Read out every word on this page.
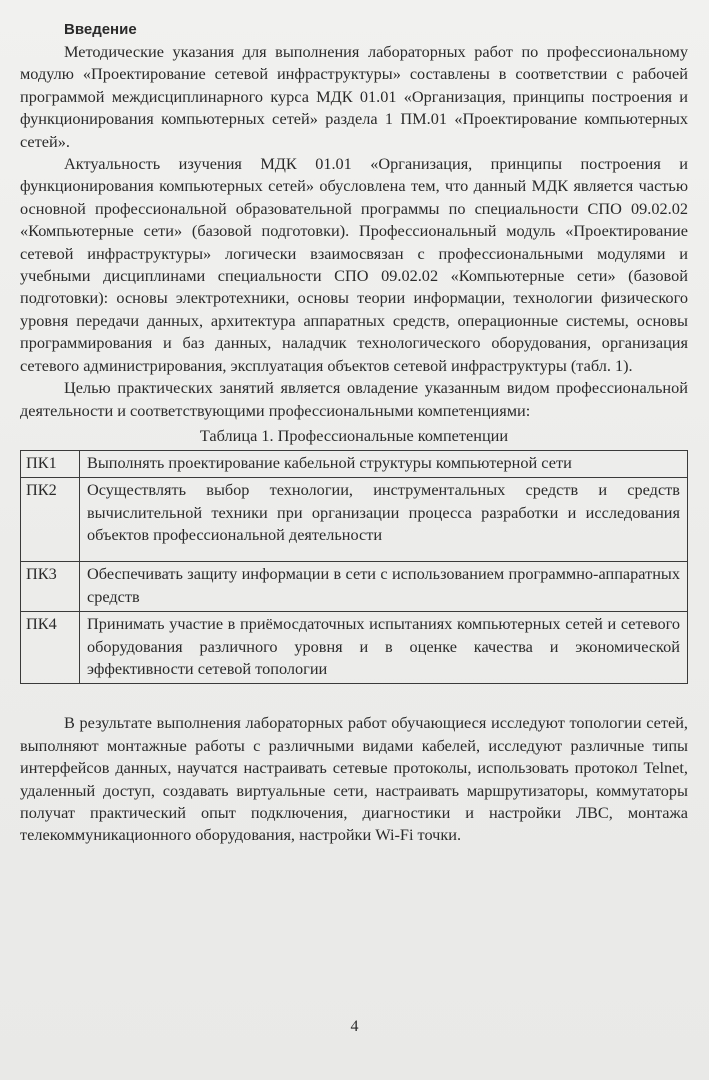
Введение

Методические указания для выполнения лабораторных работ по профессиональному модулю «Проектирование сетевой инфраструктуры» составлены в соответствии с рабочей программой междисциплинарного курса МДК 01.01 «Организация, принципы построения и функционирования компьютерных сетей» раздела 1 ПМ.01 «Проектирование компьютерных сетей».

Актуальность изучения МДК 01.01 «Организация, принципы построения и функционирования компьютерных сетей» обусловлена тем, что данный МДК является частью основной профессиональной образовательной программы по специальности СПО 09.02.02 «Компьютерные сети» (базовой подготовки). Профессиональный модуль «Проектирование сетевой инфраструктуры» логически взаимосвязан с профессиональными модулями и учебными дисциплинами специальности СПО 09.02.02 «Компьютерные сети» (базовой подготовки): основы электротехники, основы теории информации, технологии физического уровня передачи данных, архитектура аппаратных средств, операционные системы, основы программирования и баз данных, наладчик технологического оборудования, организация сетевого администрирования, эксплуатация объектов сетевой инфраструктуры (табл. 1).

Целью практических занятий является овладение указанным видом профессиональной деятельности и соответствующими профессиональными компетенциями:

Таблица 1. Профессиональные компетенции
ПК1	Выполнять проектирование кабельной структуры компьютерной сети
ПК2	Осуществлять выбор технологии, инструментальных средств и средств вычислительной техники при организации процесса разработки и исследования объектов профессиональной деятельности
ПК3	Обеспечивать защиту информации в сети с использованием программно-аппаратных средств
ПК4	Принимать участие в приёмосдаточных испытаниях компьютерных сетей и сетевого оборудования различного уровня и в оценке качества и экономической эффективности сетевой топологии

В результате выполнения лабораторных работ обучающиеся исследуют топологии сетей, выполняют монтажные работы с различными видами кабелей, исследуют различные типы интерфейсов данных, научатся настраивать сетевые протоколы, использовать протокол Telnet, удаленный доступ, создавать виртуальные сети, настраивать маршрутизаторы, коммутаторы получат практический опыт подключения, диагностики и настройки ЛВС, монтажа телекоммуникационного оборудования, настройки Wi-Fi точки.

4
